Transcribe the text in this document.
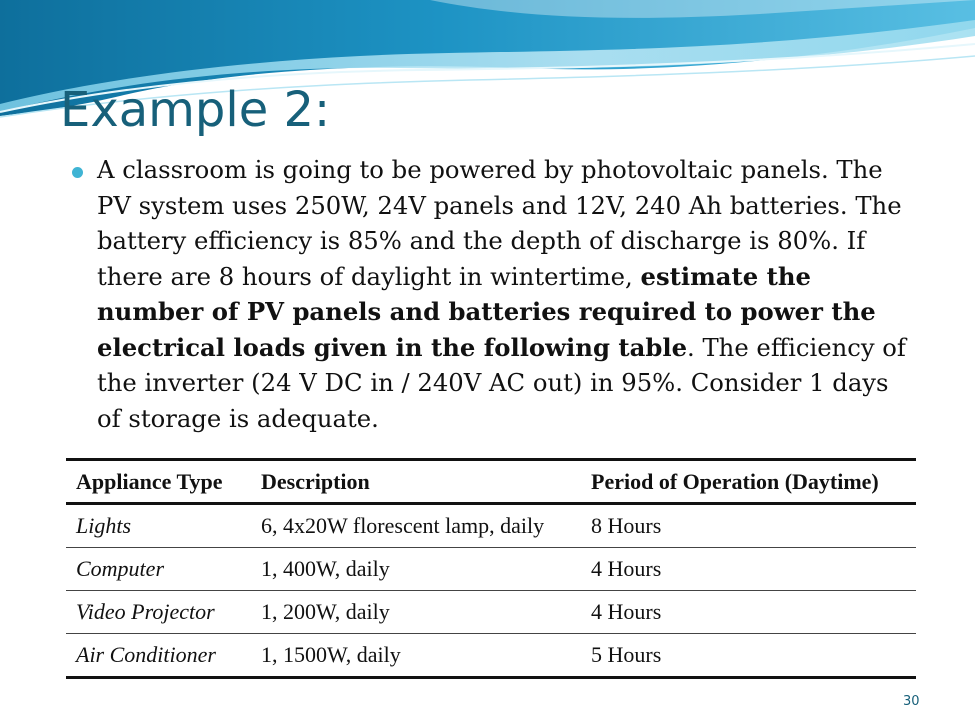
Example 2:
A classroom is going to be powered by photovoltaic panels. The
PV system uses 250W, 24V panels and 12V, 240 Ah batteries. The
battery efficiency is 85% and the depth of discharge is 80%. If
there are 8 hours of daylight in wintertime, estimate the
number of PV panels and batteries required to power the
electrical loads given in the following table. The efficiency of
the inverter (24 V DC in / 240V AC out) in 95%. Consider 1 days
of storage is adequate.
Appliance Type	Description	Period of Operation (Daytime)
Lights	6, 4x20W florescent lamp, daily	8 Hours
Computer	1, 400W, daily	4 Hours
Video Projector	1, 200W, daily	4 Hours
Air Conditioner	1, 1500W, daily	5 Hours
30
